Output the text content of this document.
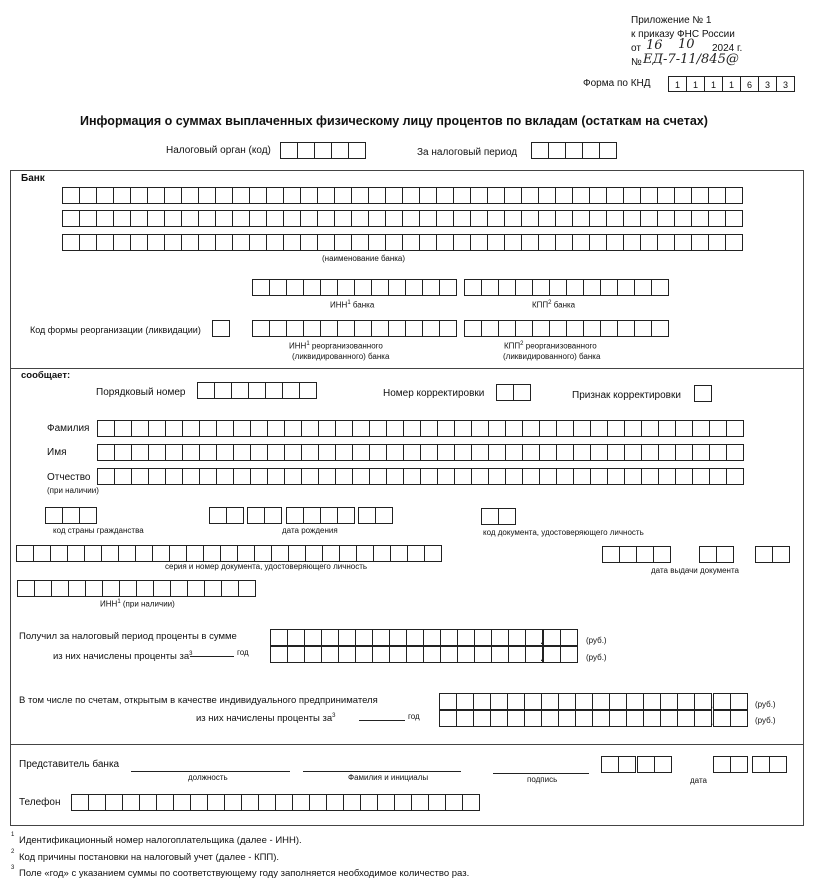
Приложение № 1
к приказу ФНС России
от 16 10 2024 г.
№ ЕД-7-11/845@
Форма по КНД	1	1	1	1	6	3	3
Информация о суммах выплаченных физическому лицу процентов по вкладам (остаткам на счетах)
Налоговый орган (код)	За налоговый период
Банк
(наименование банка)
ИНН$^1$ банка	КПП$^2$ банка
Код формы реорганизации (ликвидации)
ИНН$^1$ реорганизованного
(ликвидированного) банка
КПП$^2$ реорганизованного
(ликвидированного) банка
сообщает:
Порядковый номер	Номер корректировки	Признак корректировки
Фамилия
Имя
Отчество
(при наличии)
код страны гражданства	дата рождения	код документа, удостоверяющего личность
серия и номер документа, удостоверяющего личность	дата выдачи документа
ИНН$^1$ (при наличии)
Получил за налоговый период проценты в сумме
из них начислены проценты $за^3$	год
.	(руб.)
.	(руб.)
В том числе по счетам, открытым в качестве индивидуального предпринимателя
из них начислены проценты $за^3$	год
.	(руб.)
.	(руб.)
Представитель банка
должность	Фамилия и инициалы	подпись	дата
Телефон
1 Идентификационный номер налогоплательщика (далее - ИНН).
2 Код причины постановки на налоговый учет (далее - КПП).
3 Поле «год» с указанием суммы по соответствующему году заполняется необходимое количество раз.
